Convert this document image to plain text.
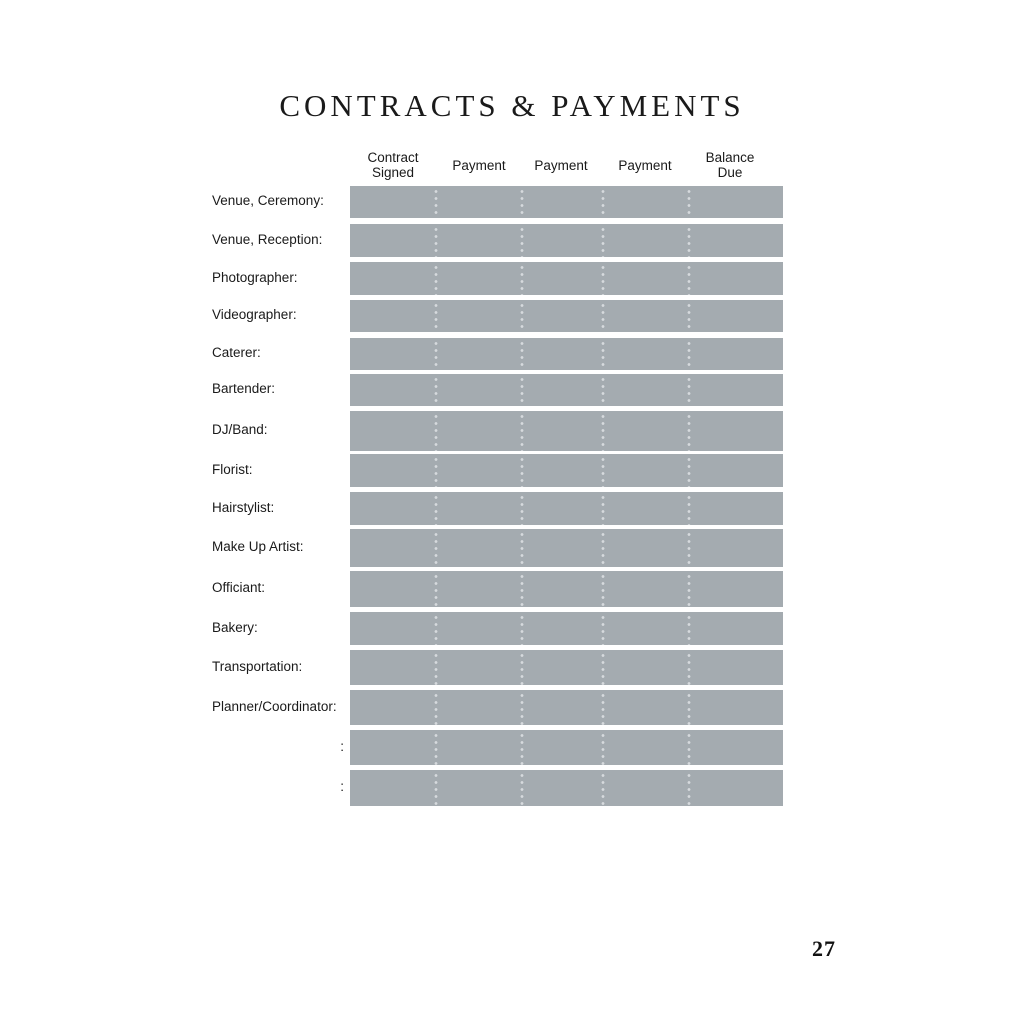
CONTRACTS & PAYMENTS
Contract
Signed	Payment Payment Payment	Balance
Due
Venue, Ceremony:
Venue, Reception:
Photographer:
Videographer:
Caterer:
Bartender:
DJ/Band:
Florist:
Hairstylist:
Make Up Artist:
Officiant:
Bakery:
Transportation:
Planner/Coordinator:
:
:
27
